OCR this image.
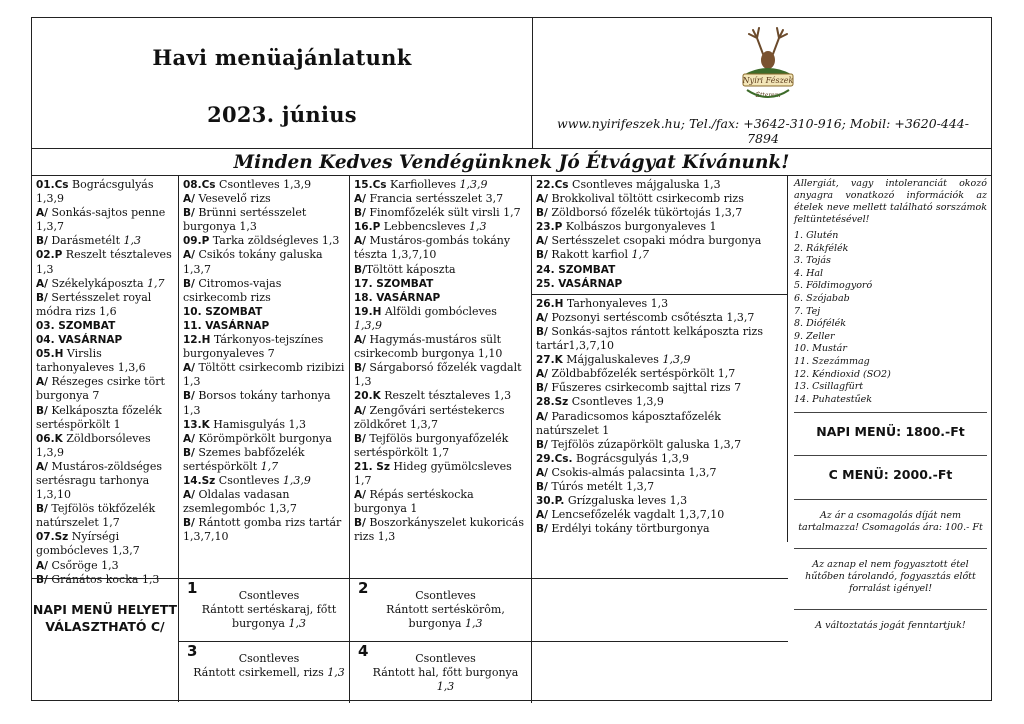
Havi menüajánlatunk
2023. június
Nyíri Fészek
Étterem
www.nyirifeszek.hu; Tel./fax: +3642-310-916; Mobil: +3620-444-7894
Minden Kedves Vendégünknek Jó Étvágyat Kívánunk!
01.Cs Bográcsgulyás 1,3,9
A/ Sonkás-sajtos penne 1,3,7
B/ Darásmetélt 1,3
02.P Reszelt tésztaleves 1,3
A/ Székelykáposzta 1,7
B/ Sertésszelet royal módra rizs 1,6
03. SZOMBAT
04. VASÁRNAP
05.H Virslis tarhonyaleves 1,3,6
A/ Részeges csirke tört burgonya 7
B/ Kelkáposzta főzelék sertéspörkölt 1
06.K Zöldborsóleves 1,3,9
A/ Mustáros-zöldséges sertésragu tarhonya 1,3,10
B/ Tejfölös tökfőzelék natúrszelet 1,7
07.Sz Nyírségi gombócleves 1,3,7
A/ Csőröge 1,3
B/ Gránátos kocka 1,3
08.Cs Csontleves 1,3,9
A/ Vesevelő rizs
B/ Brünni sertésszelet burgonya 1,3
09.P Tarka zöldségleves 1,3
A/ Csikós tokány galuska 1,3,7
B/ Citromos-vajas csirkecomb rizs
10. SZOMBAT
11. VASÁRNAP
12.H Tárkonyos-tejszínes burgonyaleves 7
A/ Töltött csirkecomb rizibizi 1,3
B/ Borsos tokány tarhonya 1,3
13.K Hamisgulyás 1,3
A/ Körömpörkölt burgonya
B/ Szemes babfőzelék sertéspörkölt 1,7
14.Sz Csontleves 1,3,9
A/ Oldalas vadasan zsemlegombóc 1,3,7
B/ Rántott gomba rizs tartár 1,3,7,10
15.Cs Karfiolleves 1,3,9
A/ Francia sertésszelet 3,7
B/ Finomfőzelék sült virsli 1,7
16.P Lebbencsleves 1,3
A/ Mustáros-gombás tokány tészta 1,3,7,10
B/Töltött káposzta
17. SZOMBAT
18. VASÁRNAP
19.H Alföldi gombócleves 1,3,9
A/ Hagymás-mustáros sült csirkecomb burgonya 1,10
B/ Sárgaborsó főzelék vagdalt 1,3
20.K Reszelt tésztaleves 1,3
A/ Zengővári sertéstekercs zöldkőret 1,3,7
B/ Tejfölös burgonyafőzelék sertéspörkölt 1,7
21. Sz Hideg gyümölcsleves 1,7
A/ Répás sertéskocka burgonya 1
B/ Boszorkányszelet kukoricás rizs 1,3
22.Cs Csontleves májgaluska 1,3
A/ Brokkolival töltött csirkecomb rizs
B/ Zöldborsó főzelék tükörtojás 1,3,7
23.P Kolbászos burgonyaleves 1
A/ Sertésszelet csopaki módra burgonya
B/ Rakott karfiol 1,7
24. SZOMBAT
25. VASÁRNAP
26.H Tarhonyaleves 1,3
A/ Pozsonyi sertéscomb csőtészta 1,3,7
B/ Sonkás-sajtos rántott kelkáposzta rizs tartár1,3,7,10
27.K Májgaluskaleves 1,3,9
A/ Zöldbabfőzelék sertéspörkölt 1,7
B/ Fűszeres csirkecomb sajttal rizs 7
28.Sz Csontleves 1,3,9
A/ Paradicsomos káposztafőzelék natúrszelet 1
B/ Tejfölös zúzapörkölt galuska 1,3,7
29.Cs. Bográcsgulyás 1,3,9
A/ Csokis-almás palacsinta 1,3,7
B/ Túrós metélt 1,3,7
30.P. Grízgaluska leves 1,3
A/ Lencsefőzelék vagdalt 1,3,7,10
B/ Erdélyi tokány törtburgonya
Allergiát, vagy intoleranciát okozó anyagra vonatkozó információk az ételek neve mellett található sorszámok feltüntetésével!
1. Glutén
2. Rákfélék
3. Tojás
4. Hal
5. Földimogyoró
6. Szójabab
7. Tej
8. Diófélék
9. Zeller
10. Mustár
11. Szezámmag
12. Kéndioxid (SO2)
13. Csillagfürt
14. Puhatestűek
NAPI MENÜ: 1800.-Ft
C MENÜ: 2000.-Ft
Az ár a csomagolás díját nem tartalmazza! Csomagolás ára: 100.- Ft
Az aznap el nem fogyasztott étel hűtőben tárolandó, fogyasztás előtt forralást igényel!
A változtatás jogát fenntartjuk!
NAPI MENÜ HELYETT VÁLASZTHATÓ C/
1	Csontleves
Rántott sertéskaraj, főtt burgonya 1,3
2	Csontleves
Rántott sertéskörôm, burgonya 1,3
3	Csontleves
Rántott csirkemell, rizs 1,3
4	Csontleves
Rántott hal, főtt burgonya 1,3
